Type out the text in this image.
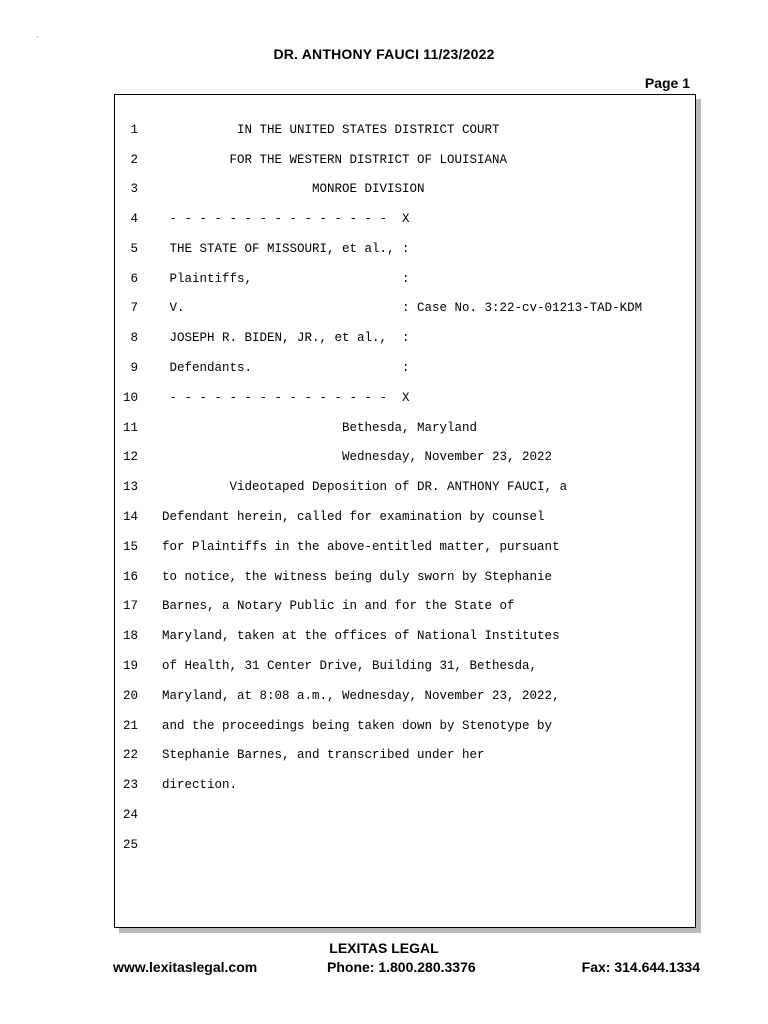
DR. ANTHONY FAUCI 11/23/2022
Page 1
1 IN THE UNITED STATES DISTRICT COURT
2 FOR THE WESTERN DISTRICT OF LOUISIANA
3 MONROE DIVISION
4 - - - - - - - - - - - - - - -  X
5 THE STATE OF MISSOURI, et al., :
6 Plaintiffs,                    :
7 V.                             : Case No. 3:22-cv-01213-TAD-KDM
8 JOSEPH R. BIDEN, JR., et al.,  :
9 Defendants.                    :
10 - - - - - - - - - - - - - - -  X
11 Bethesda, Maryland
12 Wednesday, November 23, 2022
13 Videotaped Deposition of DR. ANTHONY FAUCI, a
14 Defendant herein, called for examination by counsel
15 for Plaintiffs in the above-entitled matter, pursuant
16 to notice, the witness being duly sworn by Stephanie
17 Barnes, a Notary Public in and for the State of
18 Maryland, taken at the offices of National Institutes
19 of Health, 31 Center Drive, Building 31, Bethesda,
20 Maryland, at 8:08 a.m., Wednesday, November 23, 2022,
21 and the proceedings being taken down by Stenotype by
22 Stephanie Barnes, and transcribed under her
23 direction.
24
25
LEXITAS LEGAL
www.lexitaslegal.com	Phone: 1.800.280.3376	Fax: 314.644.1334
